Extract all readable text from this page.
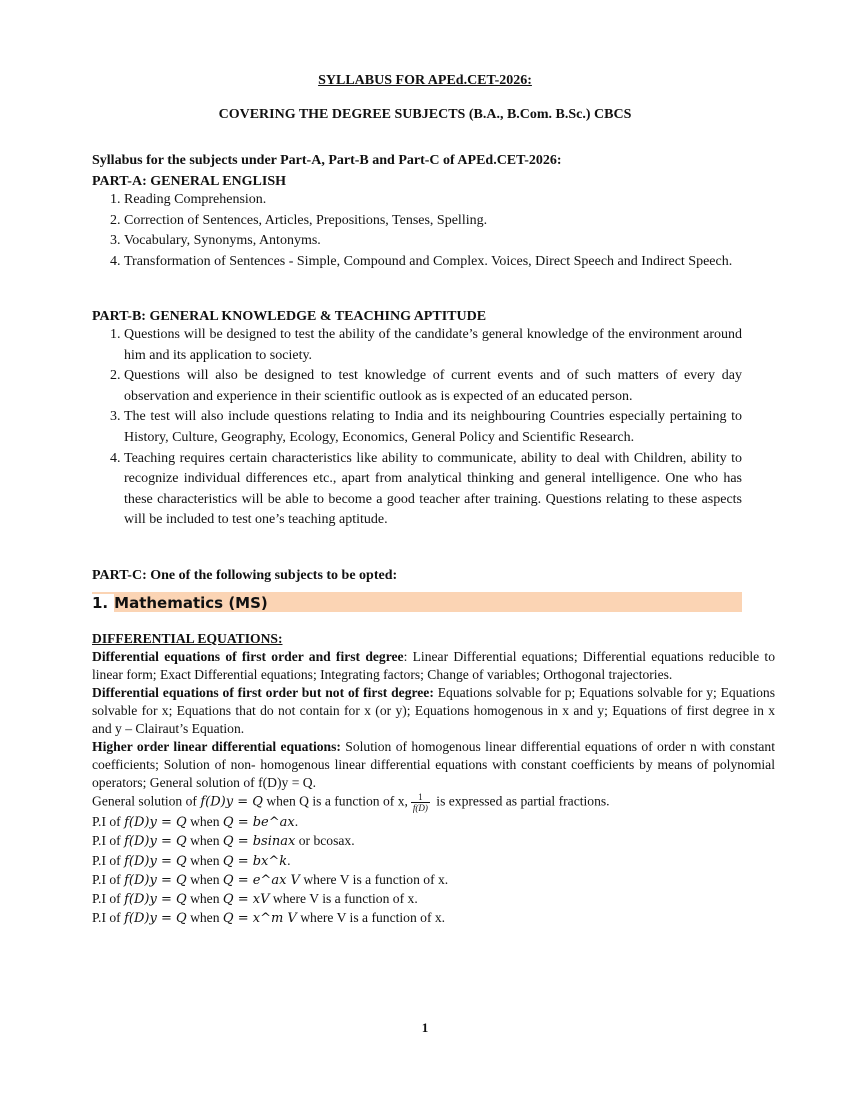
SYLLABUS FOR APEd.CET-2026:
COVERING THE DEGREE SUBJECTS (B.A., B.Com. B.Sc.) CBCS
Syllabus for the subjects under Part-A, Part-B and Part-C of APEd.CET-2026:
PART-A: GENERAL ENGLISH
1. Reading Comprehension.
2. Correction of Sentences, Articles, Prepositions, Tenses, Spelling.
3. Vocabulary, Synonyms, Antonyms.
4. Transformation of Sentences - Simple, Compound and Complex. Voices, Direct Speech and Indirect Speech.
PART-B: GENERAL KNOWLEDGE & TEACHING APTITUDE
1. Questions will be designed to test the ability of the candidate’s general knowledge of the environment around him and its application to society.
2. Questions will also be designed to test knowledge of current events and of such matters of every day observation and experience in their scientific outlook as is expected of an educated person.
3. The test will also include questions relating to India and its neighbouring Countries especially pertaining to History, Culture, Geography, Ecology, Economics, General Policy and Scientific Research.
4. Teaching requires certain characteristics like ability to communicate, ability to deal with Children, ability to recognize individual differences etc., apart from analytical thinking and general intelligence. One who has these characteristics will be able to become a good teacher after training. Questions relating to these aspects will be included to test one’s teaching aptitude.
PART-C: One of the following subjects to be opted:
1. Mathematics (MS)

DIFFERENTIAL EQUATIONS:

Differential equations of first order and first degree: Linear Differential equations; Differential equations reducible to linear form; Exact Differential equations; Integrating factors; Change of variables; Orthogonal trajectories.

Differential equations of first order but not of first degree: Equations solvable for p; Equations solvable for y; Equations solvable for x; Equations that do not contain for x (or y); Equations homogenous in x and y; Equations of first degree in x and y – Clairaut’s Equation.

Higher order linear differential equations: Solution of homogenous linear differential equations of order n with constant coefficients; Solution of non- homogenous linear differential equations with constant coefficients by means of polynomial operators; General solution of f(D)y = Q.

General solution of f(D)y = Q when Q is a function of x, $\frac{1}{f(D)}$ is expressed as partial fractions.

P.I of f(D)y = Q when Q = be^ax.

P.I of f(D)y = Q when Q = bsinax or bcosax.

P.I of f(D)y = Q when Q = bx^k.

P.I of f(D)y = Q when Q = e^ax V where V is a function of x.

P.I of f(D)y = Q when Q = xV where V is a function of x.

P.I of f(D)y = Q when Q = x^m V where V is a function of x.

1
